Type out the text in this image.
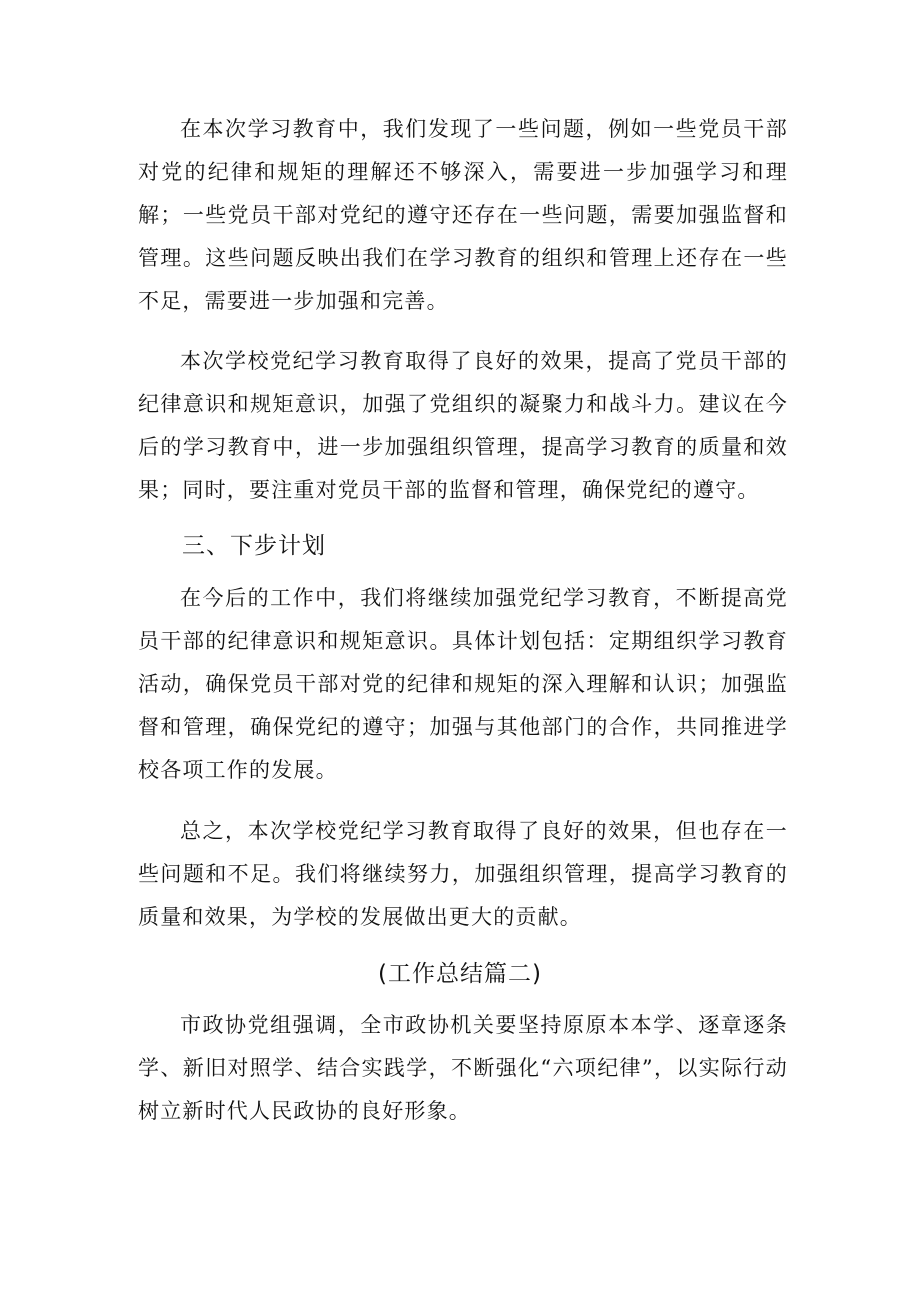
在本次学习教育中，我们发现了一些问题，例如一些党员干部对党的纪律和规矩的理解还不够深入，需要进一步加强学习和理解；一些党员干部对党纪的遵守还存在一些问题，需要加强监督和管理。这些问题反映出我们在学习教育的组织和管理上还存在一些不足，需要进一步加强和完善。

本次学校党纪学习教育取得了良好的效果，提高了党员干部的纪律意识和规矩意识，加强了党组织的凝聚力和战斗力。建议在今后的学习教育中，进一步加强组织管理，提高学习教育的质量和效果；同时，要注重对党员干部的监督和管理，确保党纪的遵守。

三、下步计划

在今后的工作中，我们将继续加强党纪学习教育，不断提高党员干部的纪律意识和规矩意识。具体计划包括：定期组织学习教育活动，确保党员干部对党的纪律和规矩的深入理解和认识；加强监督和管理，确保党纪的遵守；加强与其他部门的合作，共同推进学校各项工作的发展。

总之，本次学校党纪学习教育取得了良好的效果，但也存在一些问题和不足。我们将继续努力，加强组织管理，提高学习教育的质量和效果，为学校的发展做出更大的贡献。

(工作总结篇二)

市政协党组强调，全市政协机关要坚持原原本本学、逐章逐条学、新旧对照学、结合实践学，不断强化“六项纪律”，以实际行动树立新时代人民政协的良好形象。
